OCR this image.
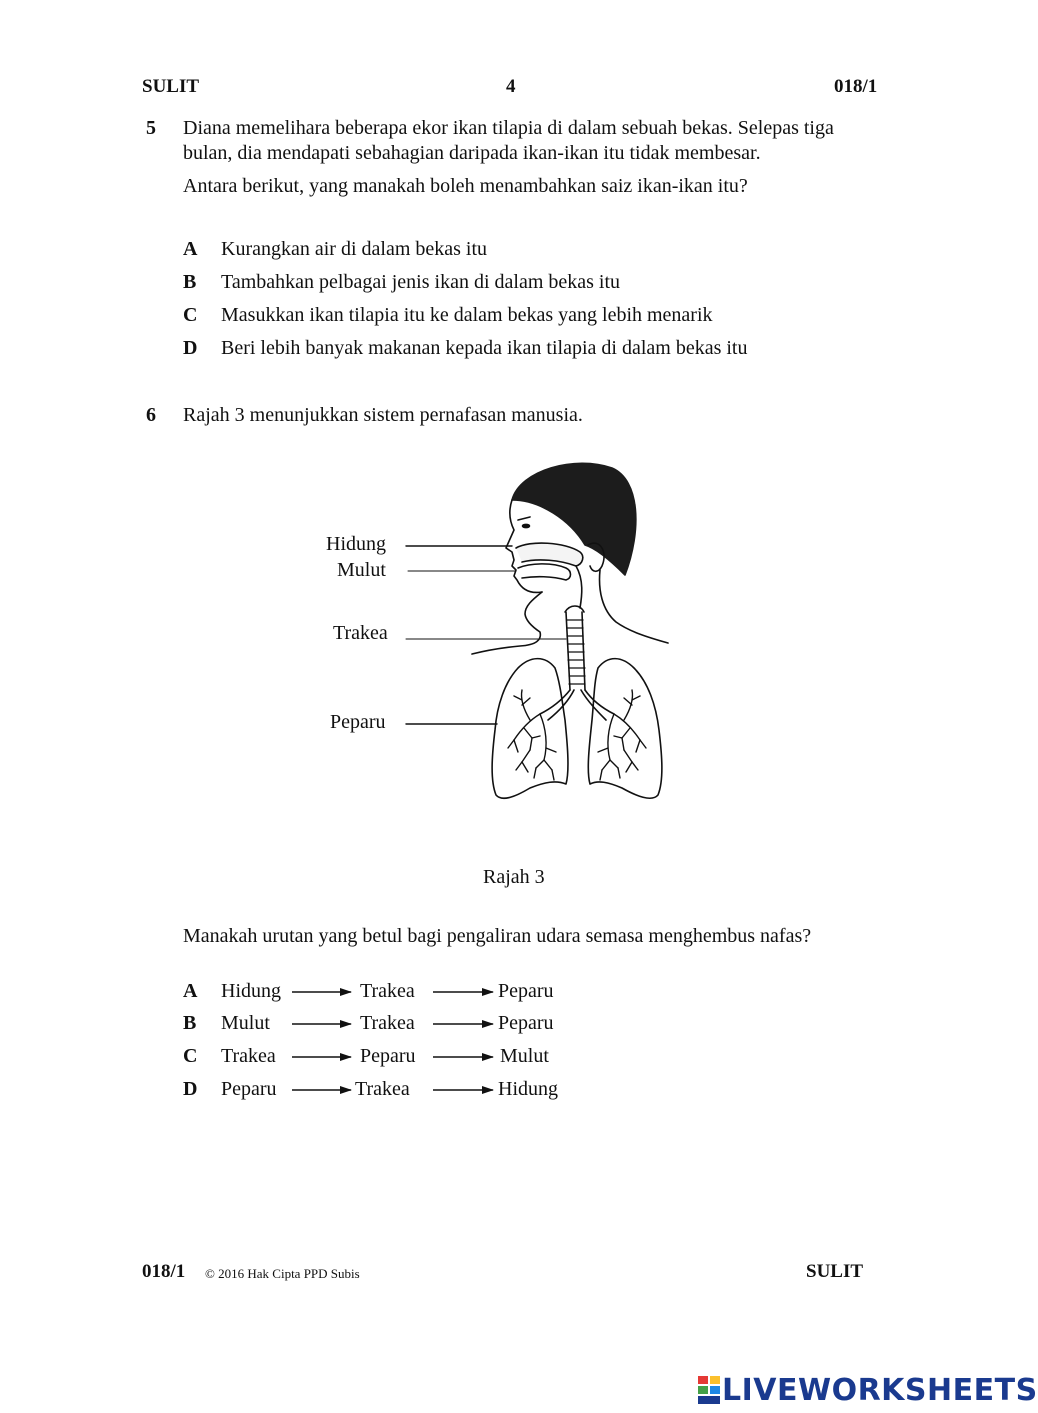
SULIT	4	018/1
5 Diana memelihara beberapa ekor ikan tilapia di dalam sebuah bekas. Selepas tiga
bulan, dia mendapati sebahagian daripada ikan-ikan itu tidak membesar.
Antara berikut, yang manakah boleh menambahkan saiz ikan-ikan itu?
A Kurangkan air di dalam bekas itu
B Tambahkan pelbagai jenis ikan di dalam bekas itu
C Masukkan ikan tilapia itu ke dalam bekas yang lebih menarik
D Beri lebih banyak makanan kepada ikan tilapia di dalam bekas itu
6 Rajah 3 menunjukkan sistem pernafasan manusia.
Hidung
Mulut
Trakea
Peparu
Rajah 3
Manakah urutan yang betul bagi pengaliran udara semasa menghembus nafas?
A Hidung	Trakea	Peparu
B Mulut	Trakea	Peparu
C Trakea	Peparu	Mulut
D Peparu	Trakea	Hidung
018/1 © 2016 Hak Cipta PPD Subis	SULIT
LIVEWORKSHEETS
